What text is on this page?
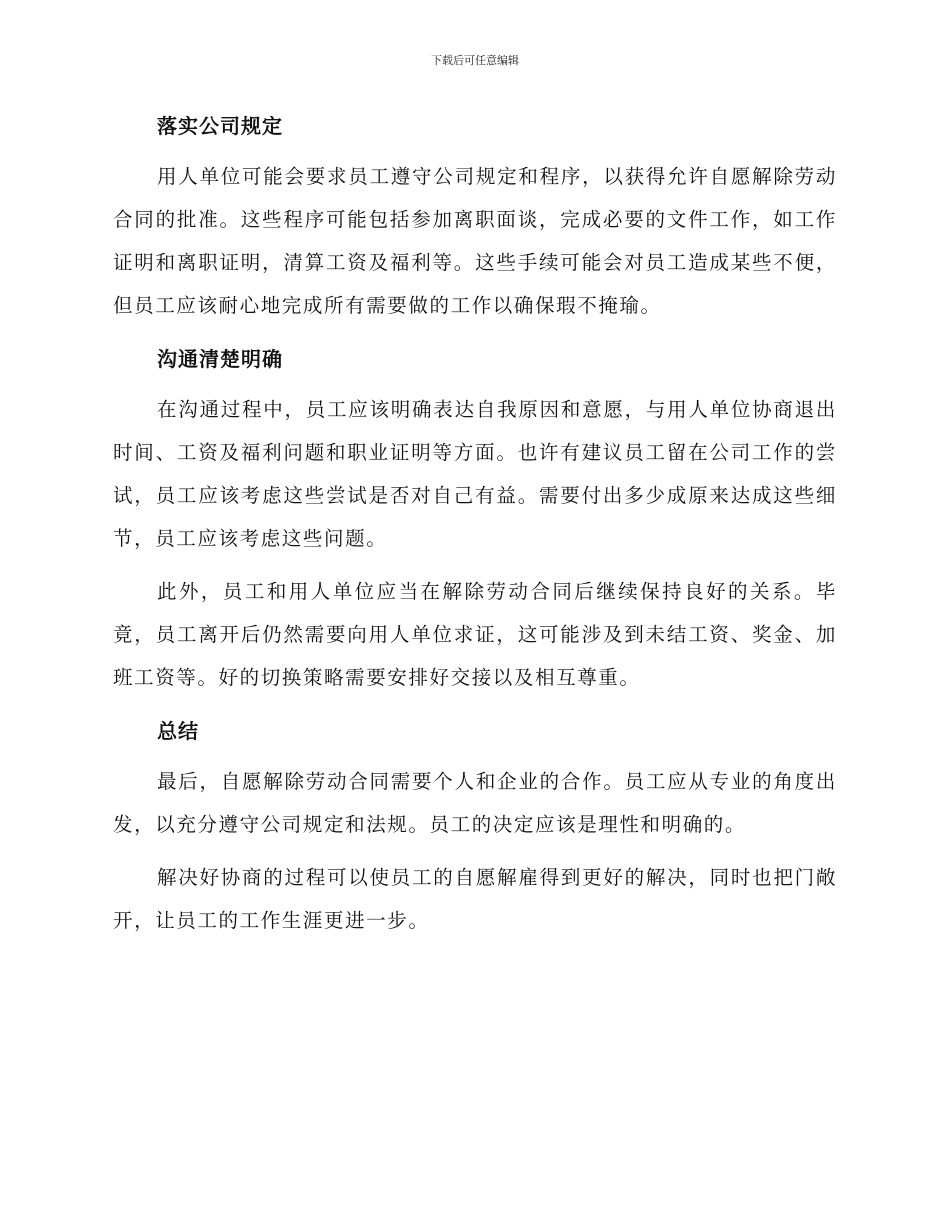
下载后可任意编辑
落实公司规定

用人单位可能会要求员工遵守公司规定和程序，以获得允许自愿解除劳动合同的批准。这些程序可能包括参加离职面谈，完成必要的文件工作，如工作证明和离职证明，清算工资及福利等。这些手续可能会对员工造成某些不便，但员工应该耐心地完成所有需要做的工作以确保瑕不掩瑜。

沟通清楚明确

在沟通过程中，员工应该明确表达自我原因和意愿，与用人单位协商退出时间、工资及福利问题和职业证明等方面。也许有建议员工留在公司工作的尝试，员工应该考虑这些尝试是否对自己有益。需要付出多少成原来达成这些细节，员工应该考虑这些问题。

此外，员工和用人单位应当在解除劳动合同后继续保持良好的关系。毕竟，员工离开后仍然需要向用人单位求证，这可能涉及到未结工资、奖金、加班工资等。好的切换策略需要安排好交接以及相互尊重。

总结

最后，自愿解除劳动合同需要个人和企业的合作。员工应从专业的角度出发，以充分遵守公司规定和法规。员工的决定应该是理性和明确的。

解决好协商的过程可以使员工的自愿解雇得到更好的解决，同时也把门敞开，让员工的工作生涯更进一步。
